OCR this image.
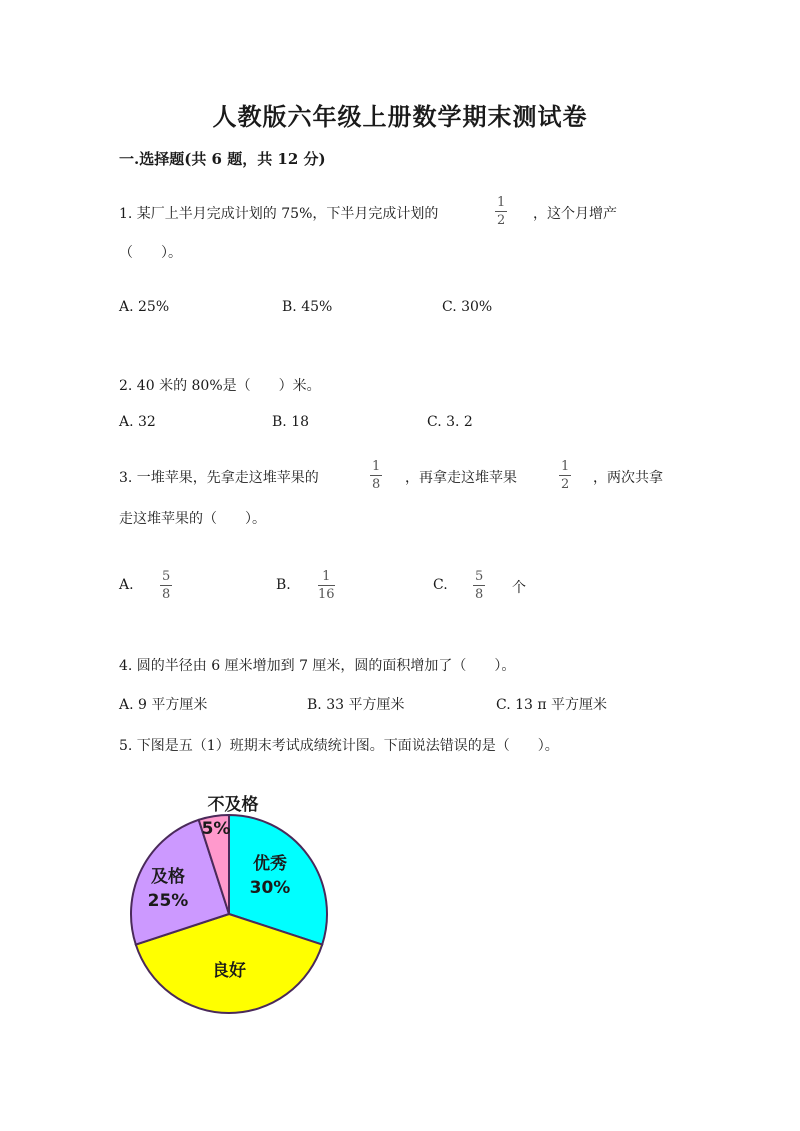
人教版六年级上册数学期末测试卷
一.选择题(共 6 题，共 12 分)
1. 某厂上半月完成计划的 75%，下半月完成计划的
1
2 ，这个月增产
（　　）。
A. 25%	B. 45%	C. 30%
2. 40 米的 80%是（　　）米。
A. 32	B. 18	C. 3. 2
3. 一堆苹果，先拿走这堆苹果的
1
8 ，再拿走这堆苹果
1
2 ，两次共拿
走这堆苹果的（　　）。
A.
5
8
B.
1
16
C.
5
8 个
4. 圆的半径由 6 厘米增加到 7 厘米，圆的面积增加了（　　）。
A. 9 平方厘米	B. 33 平方厘米	C. 13 π 平方厘米
5. 下图是五（1）班期末考试成绩统计图。下面说法错误的是（　　）。
优秀
30%
良好
及格
25%
不及格
5%
